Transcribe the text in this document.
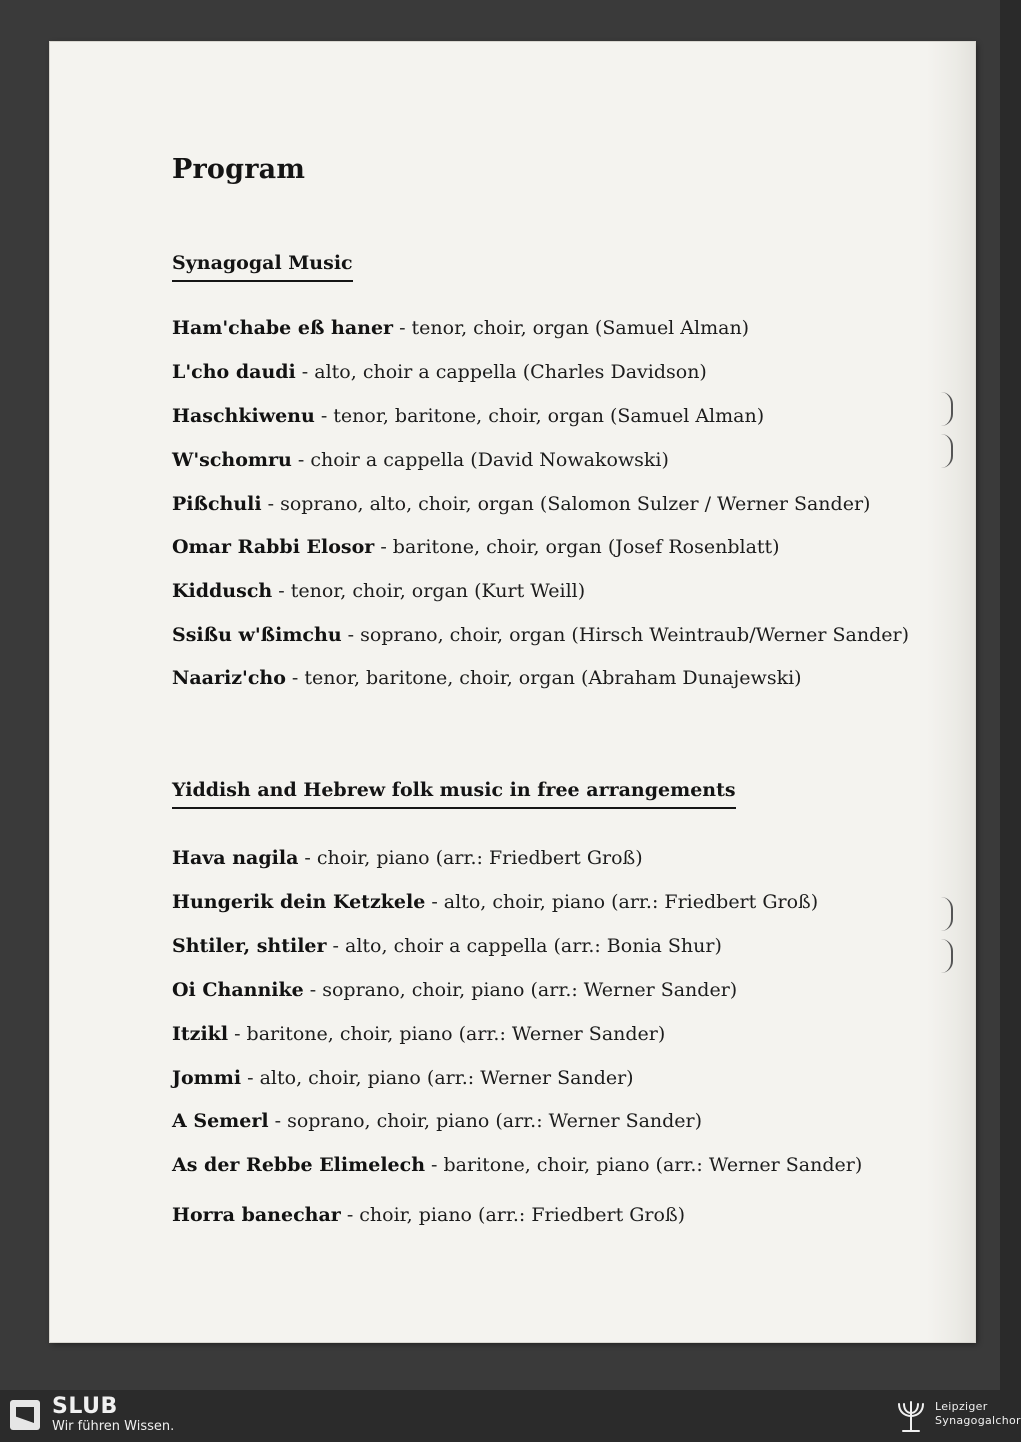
Program
Synagogal Music

Ham'chabe eß haner - tenor, choir, organ (Samuel Alman)

L'cho daudi - alto, choir a cappella (Charles Davidson)

Haschkiwenu - tenor, baritone, choir, organ (Samuel Alman)

W'schomru - choir a cappella (David Nowakowski)

Pißchuli - soprano, alto, choir, organ (Salomon Sulzer / Werner Sander)

Omar Rabbi Elosor - baritone, choir, organ (Josef Rosenblatt)

Kiddusch - tenor, choir, organ (Kurt Weill)

Ssißu w'ßimchu - soprano, choir, organ (Hirsch Weintraub/Werner Sander)

Naariz'cho - tenor, baritone, choir, organ (Abraham Dunajewski)

Yiddish and Hebrew folk music in free arrangements

Hava nagila - choir, piano (arr.: Friedbert Groß)

Hungerik dein Ketzkele - alto, choir, piano (arr.: Friedbert Groß)

Shtiler, shtiler - alto, choir a cappella (arr.: Bonia Shur)

Oi Channike - soprano, choir, piano (arr.: Werner Sander)

Itzikl - baritone, choir, piano (arr.: Werner Sander)

Jommi - alto, choir, piano (arr.: Werner Sander)

A Semerl - soprano, choir, piano (arr.: Werner Sander)

As der Rebbe Elimelech - baritone, choir, piano (arr.: Werner Sander)

Horra banechar - choir, piano (arr.: Friedbert Groß)

SLUB
Wir führen Wissen.
Leipziger
Synagogalchor
